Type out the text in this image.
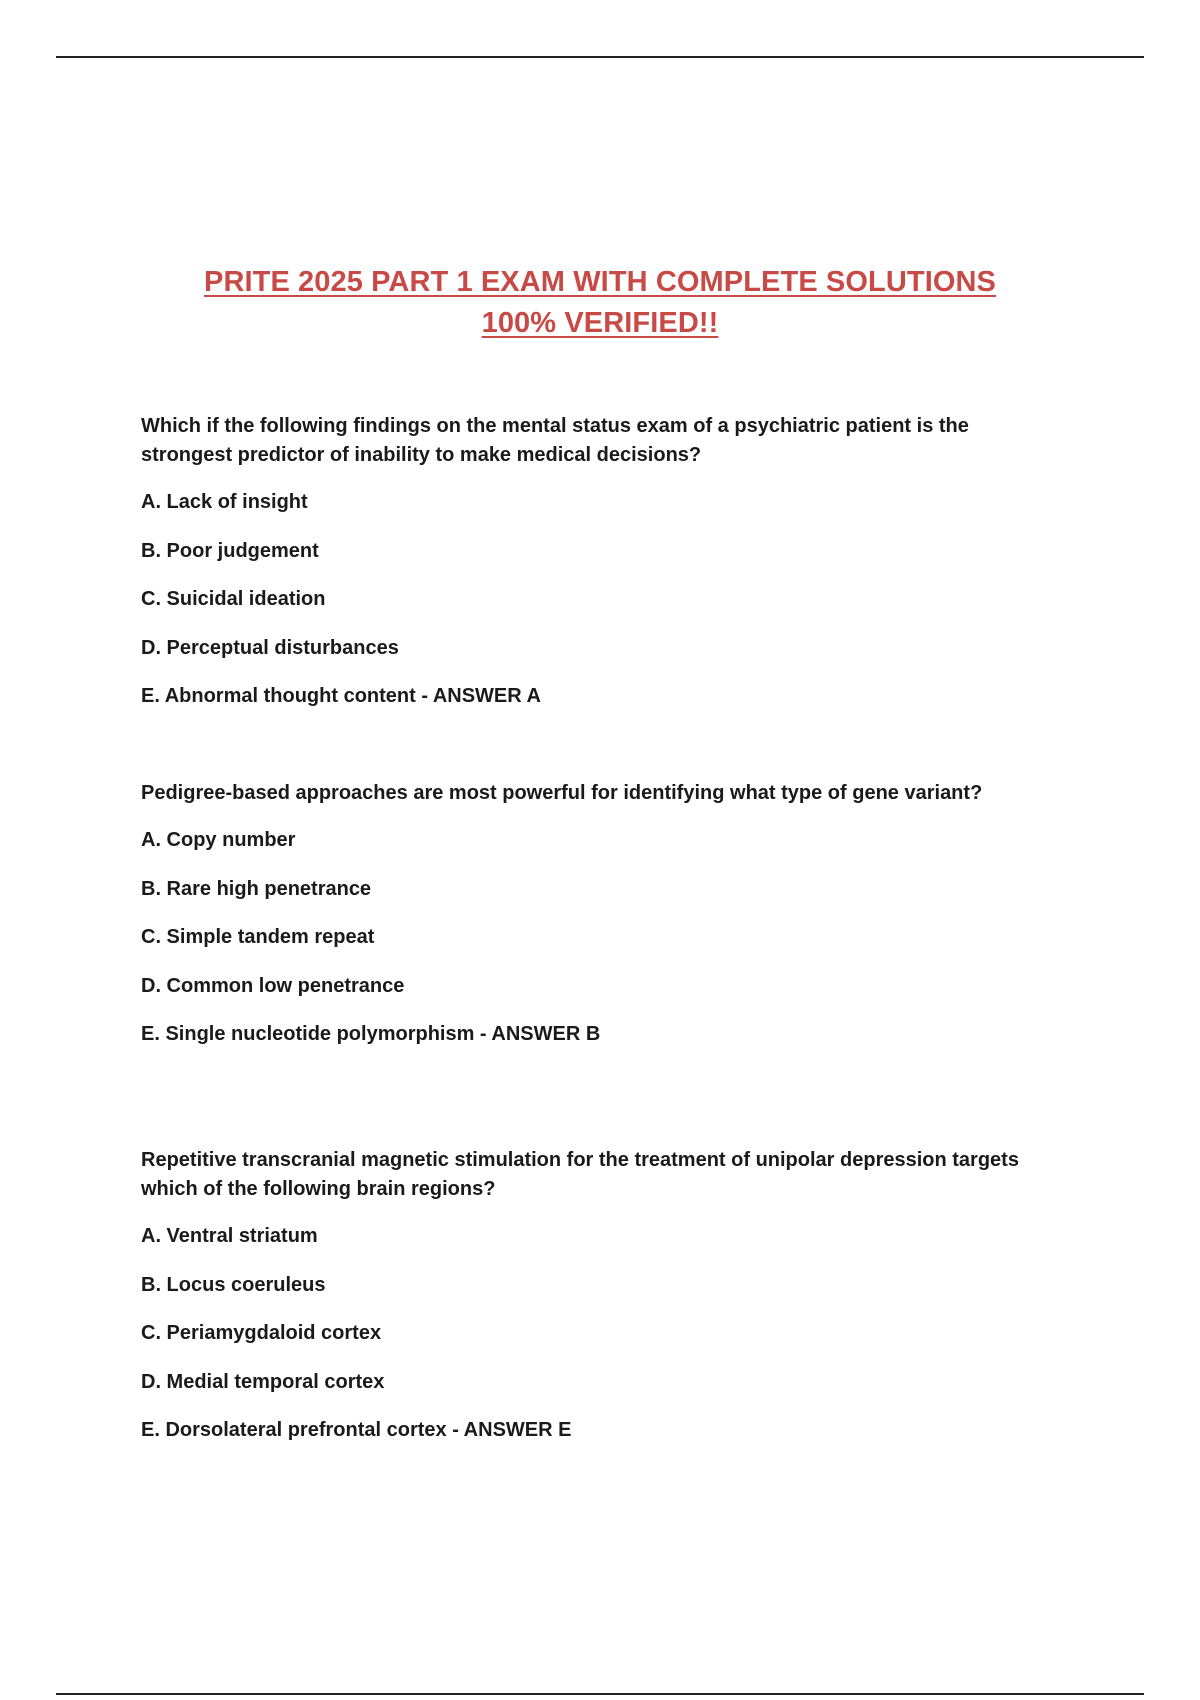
PRITE 2025 PART 1 EXAM WITH COMPLETE SOLUTIONS
100% VERIFIED!!

Which if the following findings on the mental status exam of a psychiatric patient is the strongest predictor of inability to make medical decisions?

A. Lack of insight
B. Poor judgement
C. Suicidal ideation
D. Perceptual disturbances
E. Abnormal thought content - ANSWER A

Pedigree-based approaches are most powerful for identifying what type of gene variant?

A. Copy number
B. Rare high penetrance
C. Simple tandem repeat
D. Common low penetrance
E. Single nucleotide polymorphism - ANSWER B

Repetitive transcranial magnetic stimulation for the treatment of unipolar depression targets which of the following brain regions?

A. Ventral striatum
B. Locus coeruleus
C. Periamygdaloid cortex
D. Medial temporal cortex
E. Dorsolateral prefrontal cortex - ANSWER E
